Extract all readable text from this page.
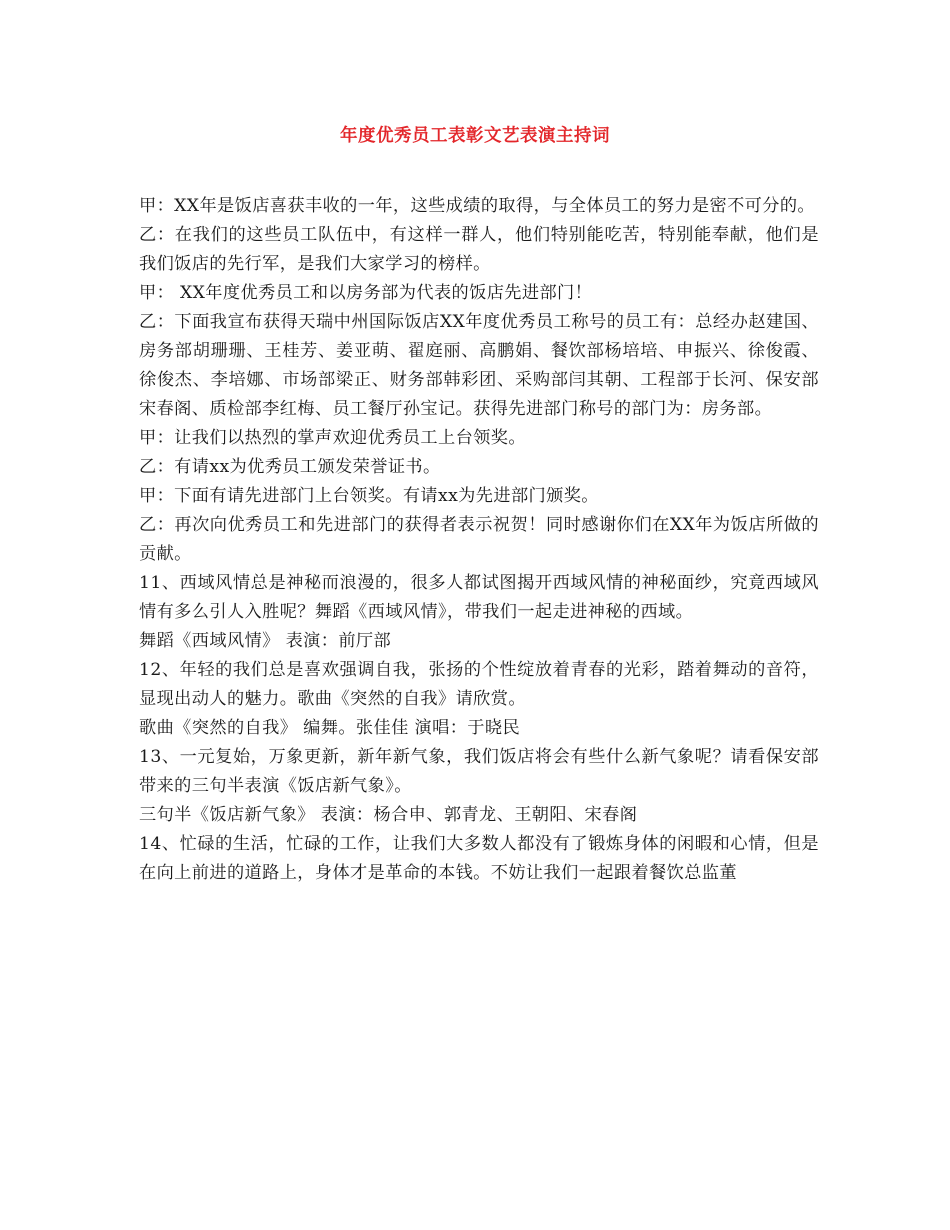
年度优秀员工表彰文艺表演主持词

甲：XX年是饭店喜获丰收的一年，这些成绩的取得，与全体员工的努力是密不可分的。

乙：在我们的这些员工队伍中，有这样一群人，他们特别能吃苦，特别能奉献，他们是我们饭店的先行军，是我们大家学习的榜样。

甲： XX年度优秀员工和以房务部为代表的饭店先进部门！

乙：下面我宣布获得天瑞中州国际饭店XX年度优秀员工称号的员工有：总经办赵建国、房务部胡珊珊、王桂芳、姜亚萌、翟庭丽、高鹏娟、餐饮部杨培培、申振兴、徐俊霞、徐俊杰、李培娜、市场部梁正、财务部韩彩团、采购部闫其朝、工程部于长河、保安部宋春阁、质检部李红梅、员工餐厅孙宝记。获得先进部门称号的部门为：房务部。

甲：让我们以热烈的掌声欢迎优秀员工上台领奖。

乙：有请xx为优秀员工颁发荣誉证书。

甲：下面有请先进部门上台领奖。有请xx为先进部门颁奖。

乙：再次向优秀员工和先进部门的获得者表示祝贺！同时感谢你们在XX年为饭店所做的贡献。

11、西域风情总是神秘而浪漫的，很多人都试图揭开西域风情的神秘面纱，究竟西域风情有多么引人入胜呢？舞蹈《西域风情》，带我们一起走进神秘的西域。

舞蹈《西域风情》 表演：前厅部

12、年轻的我们总是喜欢强调自我，张扬的个性绽放着青春的光彩，踏着舞动的音符，显现出动人的魅力。歌曲《突然的自我》请欣赏。

歌曲《突然的自我》 编舞。张佳佳 演唱：于晓民

13、一元复始，万象更新，新年新气象，我们饭店将会有些什么新气象呢？请看保安部带来的三句半表演《饭店新气象》。

三句半《饭店新气象》 表演：杨合申、郭青龙、王朝阳、宋春阁

14、忙碌的生活，忙碌的工作，让我们大多数人都没有了锻炼身体的闲暇和心情，但是在向上前进的道路上，身体才是革命的本钱。不妨让我们一起跟着餐饮总监董
